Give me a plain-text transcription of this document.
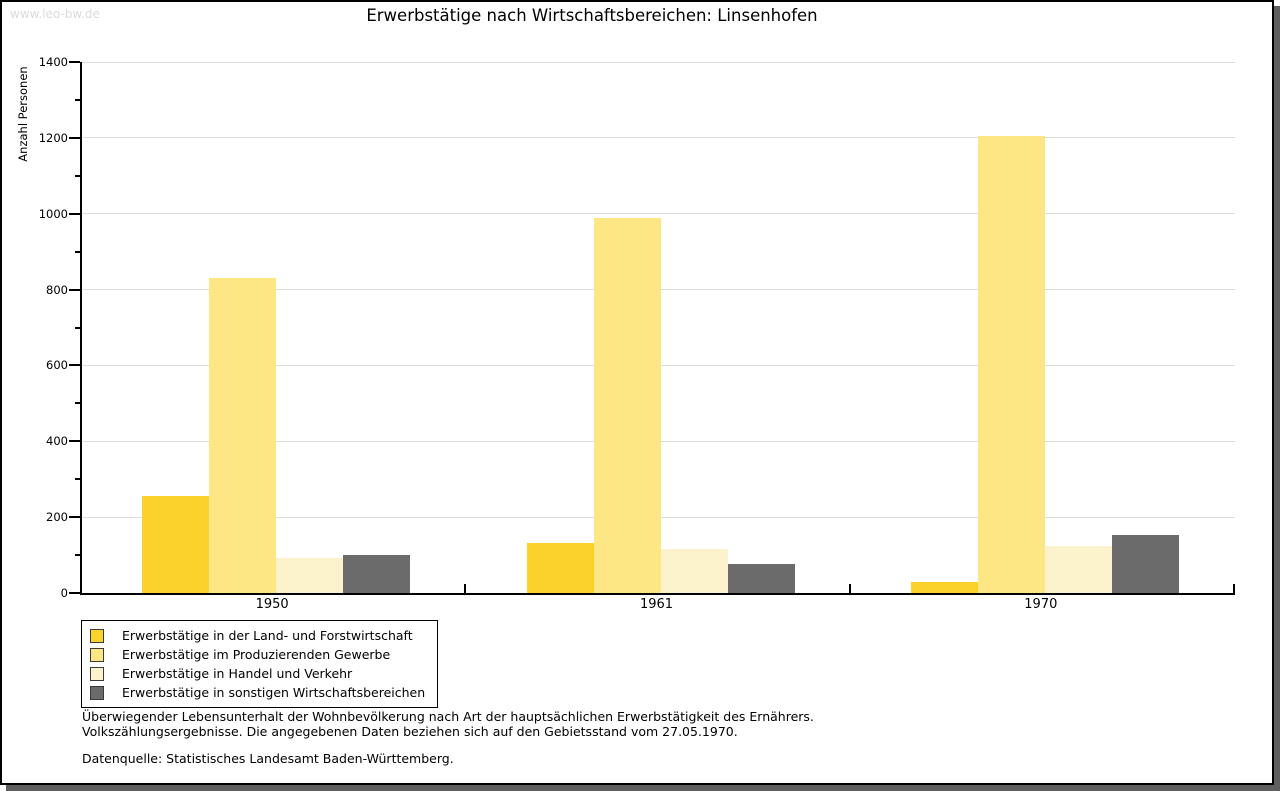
www.leo-bw.de	Erwerbstätige nach Wirtschaftsbereichen: Linsenhofen
Anzahl Personen
Erwerbstätige in der Land- und Forstwirtschaft
Erwerbstätige im Produzierenden Gewerbe
Erwerbstätige in Handel und Verkehr
Erwerbstätige in sonstigen Wirtschaftsbereichen
Überwiegender Lebensunterhalt der Wohnbevölkerung nach Art der hauptsächlichen Erwerbstätigkeit des Ernährers.
Volkszählungsergebnisse. Die angegebenen Daten beziehen sich auf den Gebietsstand vom 27.05.1970.
Datenquelle: Statistisches Landesamt Baden-Württemberg.
0
200
400
600
800
1000
1200
1400
1950	1961	1970
